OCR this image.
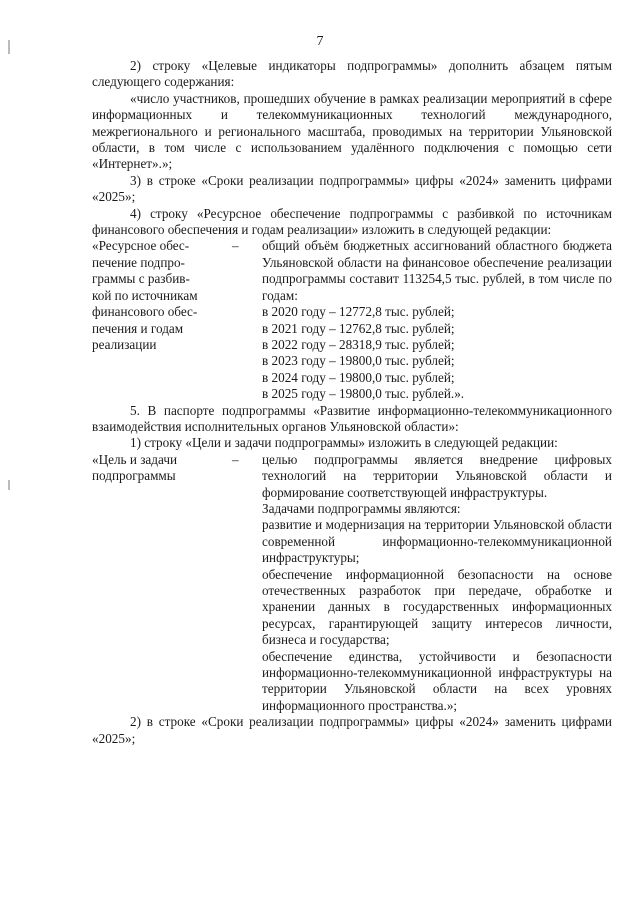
7

2) строку «Целевые индикаторы подпрограммы» дополнить абзацем пятым следующего содержания:

«число участников, прошедших обучение в рамках реализации мероприятий в сфере информационных и телекоммуникационных технологий международного, межрегионального и регионального масштаба, проводимых на территории Ульяновской области, в том числе с использованием удалённого подключения с помощью сети «Интернет».»;

3) в строке «Сроки реализации подпрограммы» цифры «2024» заменить цифрами «2025»;

4) строку «Ресурсное обеспечение подпрограммы с разбивкой по источникам финансового обеспечения и годам реализации» изложить в следующей редакции:

«Ресурсное обес-
печение подпро-
граммы с разбив-
кой по источникам
финансового обес-
печения и годам
реализации
–	общий объём бюджетных ассигнований областного бюджета Ульяновской области на финансовое обеспечение реализации подпрограммы составит 113254,5 тыс. рублей, в том числе по годам:
в 2020 году – 12772,8 тыс. рублей;
в 2021 году – 12762,8 тыс. рублей;
в 2022 году – 28318,9 тыс. рублей;
в 2023 году – 19800,0 тыс. рублей;
в 2024 году – 19800,0 тыс. рублей;
в 2025 году – 19800,0 тыс. рублей.».

5. В паспорте подпрограммы «Развитие информационно-телекоммуникационного взаимодействия исполнительных органов Ульяновской области»:

1) строку «Цели и задачи подпрограммы» изложить в следующей редакции:

«Цель и задачи
подпрограммы
–	целью подпрограммы является внедрение цифровых технологий на территории Ульяновской области и формирование соответствующей инфраструктуры.
Задачами подпрограммы являются:
развитие и модернизация на территории Ульяновской области современной информационно-телекоммуникационной инфраструктуры;
обеспечение информационной безопасности на основе отечественных разработок при передаче, обработке и хранении данных в государственных информационных ресурсах, гарантирующей защиту интересов личности, бизнеса и государства;
обеспечение единства, устойчивости и безопасности информационно-телекоммуникационной инфраструктуры на территории Ульяновской области на всех уровнях информационного пространства.»;

2) в строке «Сроки реализации подпрограммы» цифры «2024» заменить цифрами «2025»;
